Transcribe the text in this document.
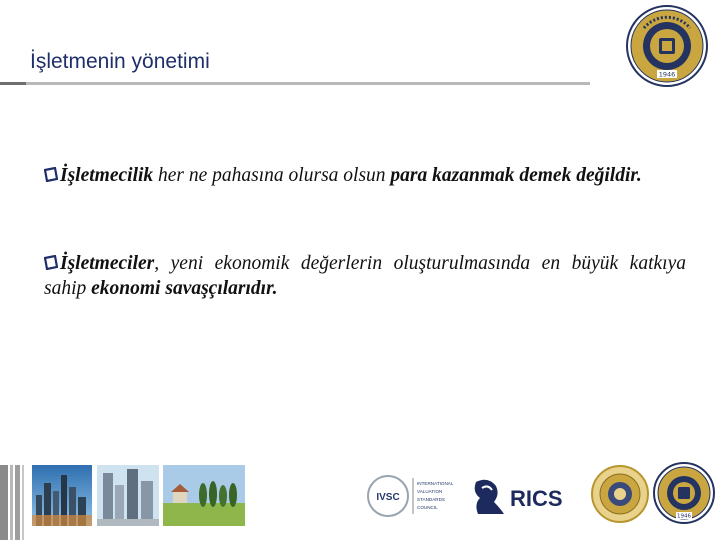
İşletmenin yönetimi
1946
İşletmecilik her ne pahasına olursa olsun para kazanmak demek değildir.
İşletmeciler, yeni ekonomik değerlerin oluşturulmasında en büyük katkıya sahip ekonomi savaşçılarıdır.
IVSC
INTERNATIONAL
VALUATION
STANDARDS
COUNCIL	RICS
1946
